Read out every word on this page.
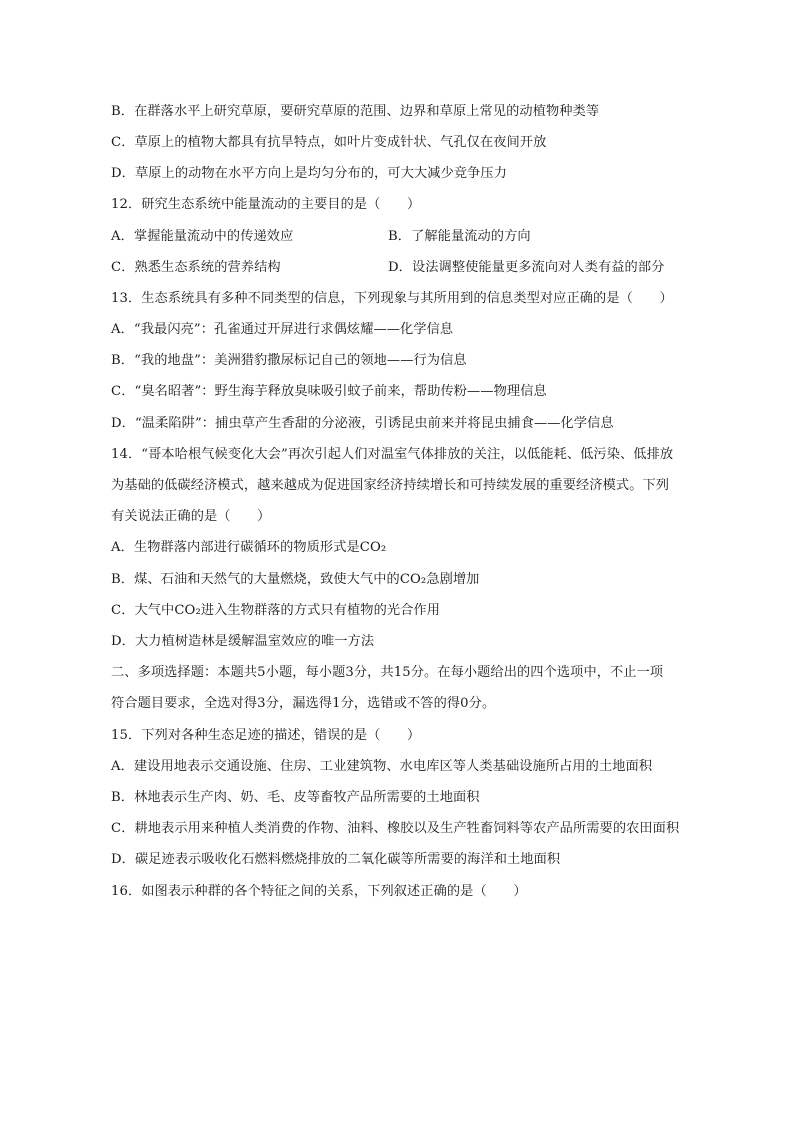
B．在群落水平上研究草原，要研究草原的范围、边界和草原上常见的动植物种类等
C．草原上的植物大都具有抗旱特点，如叶片变成针状、气孔仅在夜间开放
D．草原上的动物在水平方向上是均匀分布的，可大大减少竞争压力
12．研究生态系统中能量流动的主要目的是（　　）
A．掌握能量流动中的传递效应	B．了解能量流动的方向
C．熟悉生态系统的营养结构	D．设法调整使能量更多流向对人类有益的部分
13．生态系统具有多种不同类型的信息，下列现象与其所用到的信息类型对应正确的是（　　）
A．“我最闪亮”：孔雀通过开屏进行求偶炫耀——化学信息
B．“我的地盘”：美洲猎豹撒尿标记自己的领地——行为信息
C．“臭名昭著”：野生海芋释放臭味吸引蚊子前来，帮助传粉——物理信息
D．“温柔陷阱”：捕虫草产生香甜的分泌液，引诱昆虫前来并将昆虫捕食——化学信息
14．“哥本哈根气候变化大会”再次引起人们对温室气体排放的关注，以低能耗、低污染、低排放
为基础的低碳经济模式，越来越成为促进国家经济持续增长和可持续发展的重要经济模式。下列
有关说法正确的是（　　）
A．生物群落内部进行碳循环的物质形式是CO₂
B．煤、石油和天然气的大量燃烧，致使大气中的CO₂急剧增加
C．大气中CO₂进入生物群落的方式只有植物的光合作用
D．大力植树造林是缓解温室效应的唯一方法
二、多项选择题：本题共5小题，每小题3分，共15分。在每小题给出的四个选项中，不止一项
符合题目要求，全选对得3分，漏选得1分，选错或不答的得0分。
15．下列对各种生态足迹的描述，错误的是（　　）
A．建设用地表示交通设施、住房、工业建筑物、水电库区等人类基础设施所占用的土地面积
B．林地表示生产肉、奶、毛、皮等畜牧产品所需要的土地面积
C．耕地表示用来种植人类消费的作物、油料、橡胶以及生产牲畜饲料等农产品所需要的农田面积
D．碳足迹表示吸收化石燃料燃烧排放的二氧化碳等所需要的海洋和土地面积
16．如图表示种群的各个特征之间的关系，下列叙述正确的是（　　）
